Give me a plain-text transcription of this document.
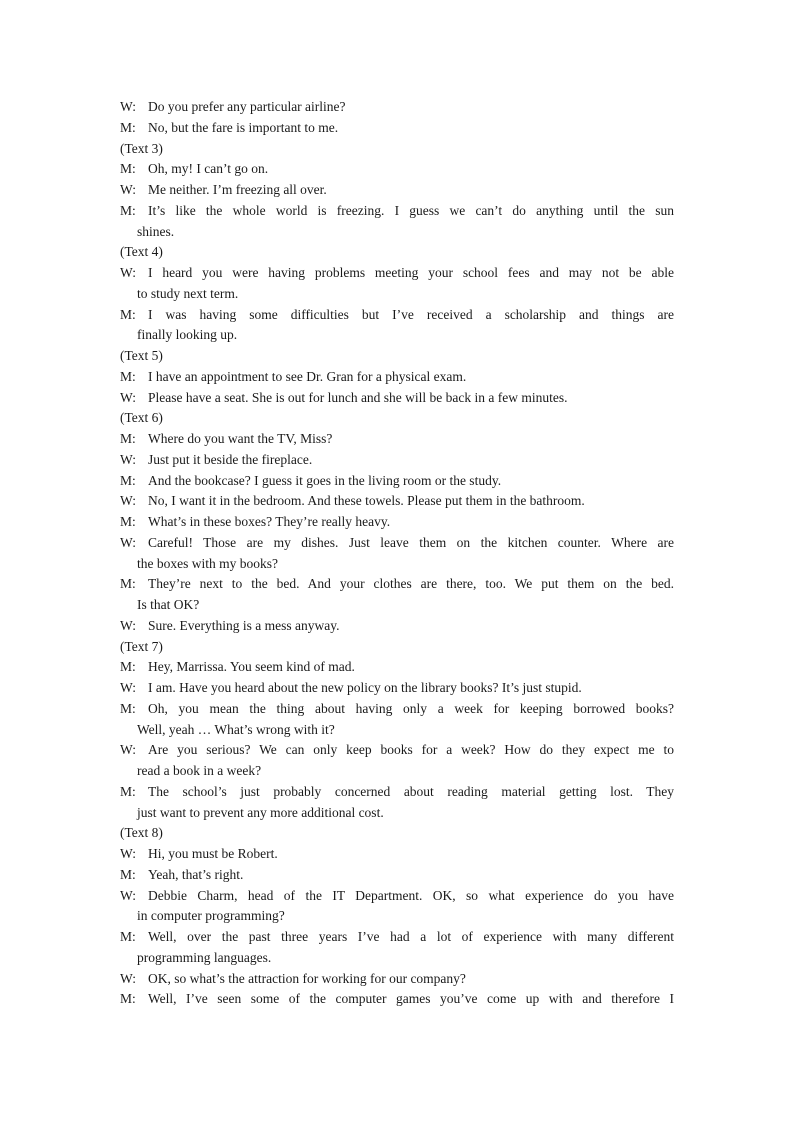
W: Do you prefer any particular airline?
M: No, but the fare is important to me.
(Text 3)
M: Oh, my! I can’t go on.
W: Me neither. I’m freezing all over.
M: It’s like the whole world is freezing. I guess we can’t do anything until the sun
shines.
(Text 4)
W: I heard you were having problems meeting your school fees and may not be able
to study next term.
M: I was having some difficulties but I’ve received a scholarship and things are
finally looking up.
(Text 5)
M: I have an appointment to see Dr. Gran for a physical exam.
W: Please have a seat. She is out for lunch and she will be back in a few minutes.
(Text 6)
M: Where do you want the TV, Miss?
W: Just put it beside the fireplace.
M: And the bookcase? I guess it goes in the living room or the study.
W: No, I want it in the bedroom. And these towels. Please put them in the bathroom.
M: What’s in these boxes? They’re really heavy.
W: Careful! Those are my dishes. Just leave them on the kitchen counter. Where are
the boxes with my books?
M: They’re next to the bed. And your clothes are there, too. We put them on the bed.
Is that OK?
W: Sure. Everything is a mess anyway.
(Text 7)
M: Hey, Marrissa. You seem kind of mad.
W: I am. Have you heard about the new policy on the library books? It’s just stupid.
M: Oh, you mean the thing about having only a week for keeping borrowed books?
Well, yeah … What’s wrong with it?
W: Are you serious? We can only keep books for a week? How do they expect me to
read a book in a week?
M: The school’s just probably concerned about reading material getting lost. They
just want to prevent any more additional cost.
(Text 8)
W: Hi, you must be Robert.
M: Yeah, that’s right.
W: Debbie Charm, head of the IT Department. OK, so what experience do you have
in computer programming?
M: Well, over the past three years I’ve had a lot of experience with many different
programming languages.
W: OK, so what’s the attraction for working for our company?
M: Well, I’ve seen some of the computer games you’ve come up with and therefore I
